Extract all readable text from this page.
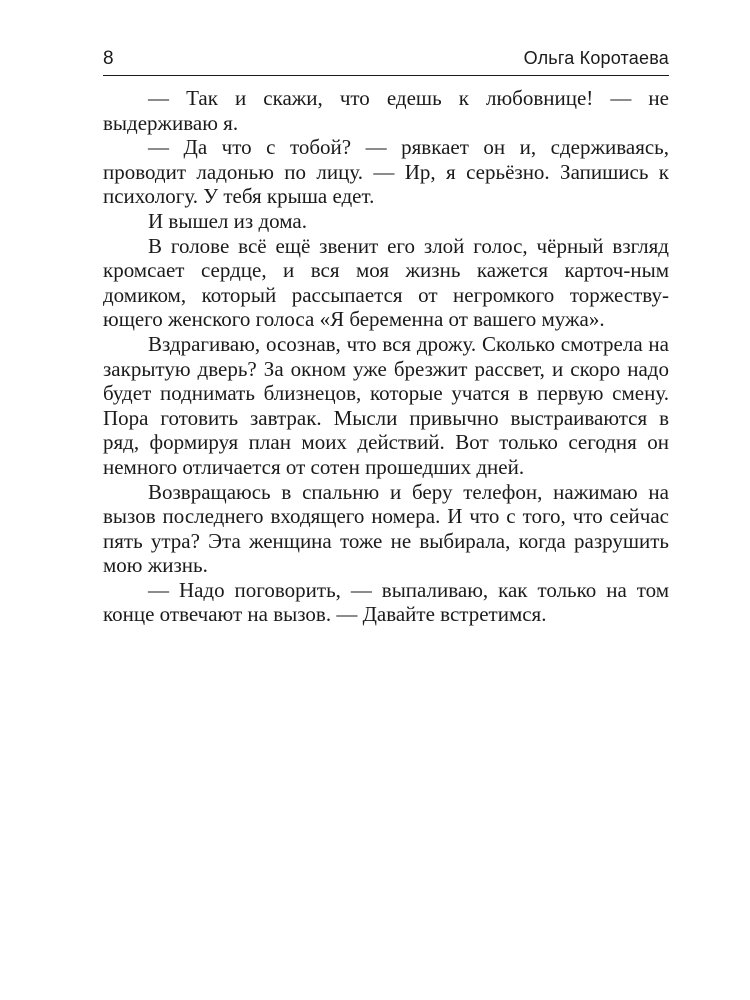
8	Ольга Коротаева

— Так и скажи, что едешь к любовнице! — не выдерживаю я.

— Да что с тобой? — рявкает он и, сдерживаясь, проводит ладонью по лицу. — Ир, я серьёзно. Запишись к психологу. У тебя крыша едет.

И вышел из дома.

В голове всё ещё звенит его злой голос, чёрный взгляд кромсает сердце, и вся моя жизнь кажется карточ-ным домиком, который рассыпается от негромкого торжеству-ющего женского голоса «Я беременна от вашего мужа».

Вздрагиваю, осознав, что вся дрожу. Сколько смотрела на закрытую дверь? За окном уже брезжит рассвет, и скоро надо будет поднимать близнецов, которые учатся в первую смену. Пора готовить завтрак. Мысли привычно выстраиваются в ряд, формируя план моих действий. Вот только сегодня он немного отличается от сотен прошедших дней.

Возвращаюсь в спальню и беру телефон, нажимаю на вызов последнего входящего номера. И что с того, что сейчас пять утра? Эта женщина тоже не выбирала, когда разрушить мою жизнь.

— Надо поговорить, — выпаливаю, как только на том конце отвечают на вызов. — Давайте встретимся.
